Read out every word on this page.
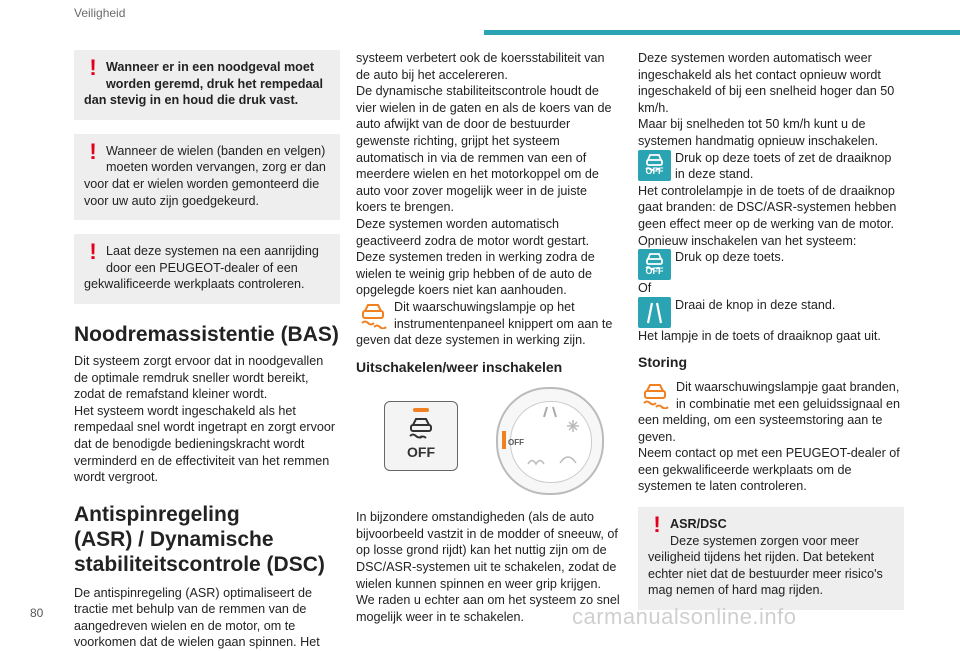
Veiligheid
! Wanneer er in een noodgeval moet
worden geremd, druk het rempedaal
dan stevig in en houd die druk vast.

! Wanneer de wielen (banden en velgen)
moeten worden vervangen, zorg er dan
voor dat er wielen worden gemonteerd die
voor uw auto zijn goedgekeurd.

! Laat deze systemen na een aanrijding
door een PEUGEOT-dealer of een
gekwalificeerde werkplaats controleren.

Noodremassistentie (BAS)

Dit systeem zorgt ervoor dat in noodgevallen de optimale remdruk sneller wordt bereikt, zodat de remafstand kleiner wordt.

Het systeem wordt ingeschakeld als het rempedaal snel wordt ingetrapt en zorgt ervoor dat de benodigde bedieningskracht wordt verminderd en de effectiviteit van het remmen wordt vergroot.

Antispinregeling
(ASR) / Dynamische
stabiliteitscontrole (DSC)

De antispinregeling (ASR) optimaliseert de tractie met behulp van de remmen van de aangedreven wielen en de motor, om te voorkomen dat de wielen gaan spinnen. Het

systeem verbetert ook de koersstabiliteit van de auto bij het accelereren.

De dynamische stabiliteitscontrole houdt de vier wielen in de gaten en als de koers van de auto afwijkt van de door de bestuurder gewenste richting, grijpt het systeem automatisch in via de remmen van een of meerdere wielen en het motorkoppel om de auto voor zover mogelijk weer in de juiste koers te brengen.

Deze systemen worden automatisch geactiveerd zodra de motor wordt gestart.

Deze systemen treden in werking zodra de wielen te weinig grip hebben of de auto de opgelegde koers niet kan aanhouden.

Dit waarschuwingslampje op het instrumentenpaneel knippert om aan te geven dat deze systemen in werking zijn.

Uitschakelen/weer inschakelen
OFF
OFF

In bijzondere omstandigheden (als de auto bijvoorbeeld vastzit in de modder of sneeuw, of op losse grond rijdt) kan het nuttig zijn om de DSC/ASR-systemen uit te schakelen, zodat de wielen kunnen spinnen en weer grip krijgen.

We raden u echter aan om het systeem zo snel mogelijk weer in te schakelen.

Deze systemen worden automatisch weer ingeschakeld als het contact opnieuw wordt ingeschakeld of bij een snelheid hoger dan 50 km/h.

Maar bij snelheden tot 50 km/h kunt u de systemen handmatig opnieuw inschakelen.

OFF

Druk op deze toets of zet de draaiknop in deze stand.

Het controlelampje in de toets of de draaiknop gaat branden: de DSC/ASR-systemen hebben geen effect meer op de werking van de motor.

Opnieuw inschakelen van het systeem:

OFF

Druk op deze toets.

Of

Draai de knop in deze stand.

Het lampje in de toets of draaiknop gaat uit.

Storing

Dit waarschuwingslampje gaat branden, in combinatie met een geluidssignaal en een melding, om een systeemstoring aan te geven.

Neem contact op met een PEUGEOT-dealer of een gekwalificeerde werkplaats om de systemen te laten controleren.

! ASR/DSC

Deze systemen zorgen voor meer veiligheid tijdens het rijden. Dat betekent echter niet dat de bestuurder meer risico's mag nemen of hard mag rijden.

80	carmanualsonline.info
